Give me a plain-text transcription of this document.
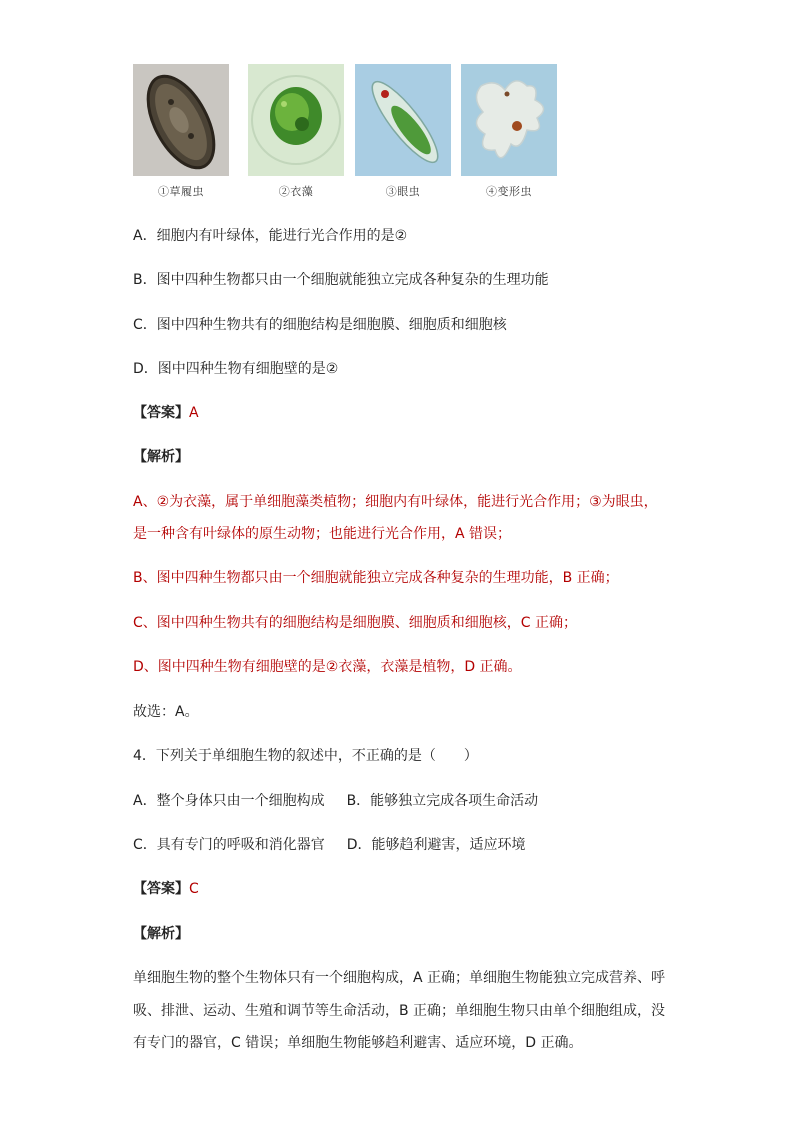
①草履虫	②衣藻	③眼虫	④变形虫
A．细胞内有叶绿体，能进行光合作用的是②
B．图中四种生物都只由一个细胞就能独立完成各种复杂的生理功能
C．图中四种生物共有的细胞结构是细胞膜、细胞质和细胞核
D．图中四种生物有细胞壁的是②
【答案】A
【解析】
A、②为衣藻，属于单细胞藻类植物；细胞内有叶绿体，能进行光合作用；③为眼虫，
是一种含有叶绿体的原生动物；也能进行光合作用，A 错误；
B、图中四种生物都只由一个细胞就能独立完成各种复杂的生理功能，B 正确；
C、图中四种生物共有的细胞结构是细胞膜、细胞质和细胞核，C 正确；
D、图中四种生物有细胞壁的是②衣藻，衣藻是植物，D 正确。
故选：A。
4．下列关于单细胞生物的叙述中，不正确的是（　　）
A．整个身体只由一个细胞构成 B．能够独立完成各项生命活动
C．具有专门的呼吸和消化器官 D．能够趋利避害，适应环境
【答案】C
【解析】
单细胞生物的整个生物体只有一个细胞构成，A 正确；单细胞生物能独立完成营养、呼
吸、排泄、运动、生殖和调节等生命活动，B 正确；单细胞生物只由单个细胞组成，没
有专门的器官，C 错误；单细胞生物能够趋利避害、适应环境，D 正确。
